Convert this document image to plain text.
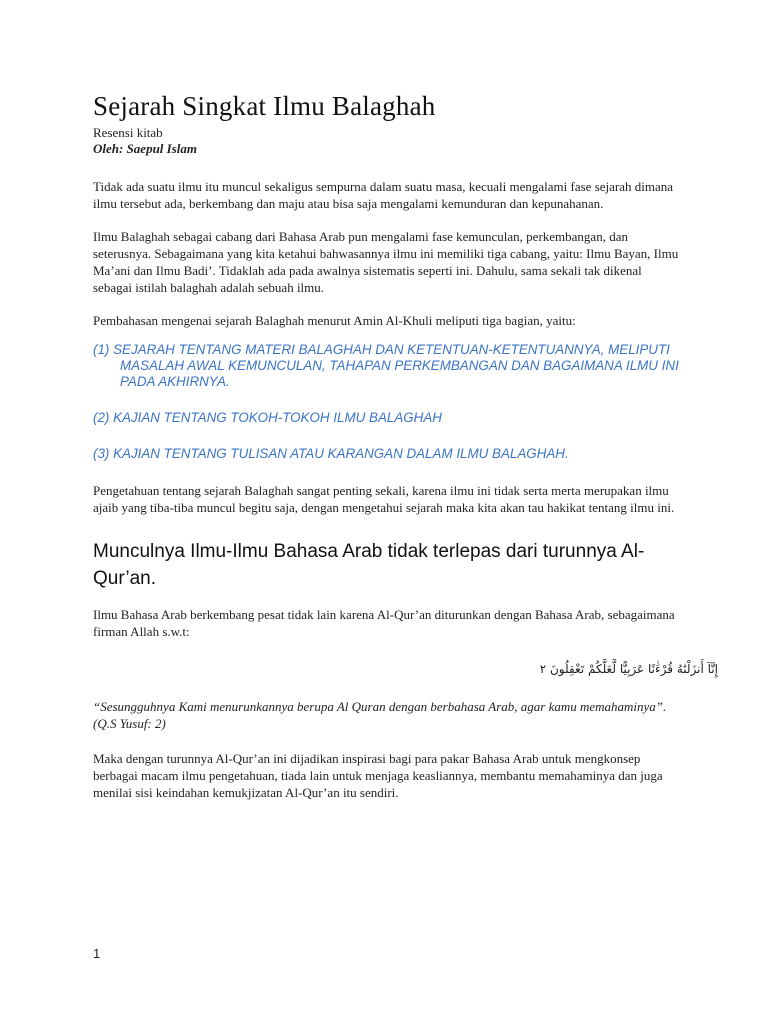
Sejarah Singkat Ilmu Balaghah
Resensi kitab
Oleh: Saepul Islam

Tidak ada suatu ilmu itu muncul sekaligus sempurna dalam suatu masa, kecuali mengalami fase sejarah dimana ilmu tersebut ada, berkembang dan maju atau bisa saja mengalami kemunduran dan kepunahanan.

Ilmu Balaghah sebagai cabang dari Bahasa Arab pun mengalami fase kemunculan, perkembangan, dan seterusnya. Sebagaimana yang kita ketahui bahwasannya ilmu ini memiliki tiga cabang, yaitu: Ilmu Bayan, Ilmu Ma’ani dan Ilmu Badi’. Tidaklah ada pada awalnya sistematis seperti ini. Dahulu, sama sekali tak dikenal sebagai istilah balaghah adalah sebuah ilmu.

Pembahasan mengenai sejarah Balaghah menurut Amin Al-Khuli meliputi tiga bagian, yaitu:

(1) SEJARAH TENTANG MATERI BALAGHAH DAN KETENTUAN-KETENTUANNYA, MELIPUTI MASALAH AWAL KEMUNCULAN, TAHAPAN PERKEMBANGAN DAN BAGAIMANA ILMU INI PADA AKHIRNYA.
(2) KAJIAN TENTANG TOKOH-TOKOH ILMU BALAGHAH
(3) KAJIAN TENTANG TULISAN ATAU KARANGAN DALAM ILMU BALAGHAH.

Pengetahuan tentang sejarah Balaghah sangat penting sekali, karena ilmu ini tidak serta merta merupakan ilmu ajaib yang tiba-tiba muncul begitu saja, dengan mengetahui sejarah maka kita akan tau hakikat tentang ilmu ini.

Munculnya Ilmu-Ilmu Bahasa Arab tidak terlepas dari turunnya Al-Qur’an.

Ilmu Bahasa Arab berkembang pesat tidak lain karena Al-Qur’an diturunkan dengan Bahasa Arab, sebagaimana firman Allah s.w.t:

إِنَّآ أَنزَلْنَٰهُ قُرْءَٰنًا عَرَبِيًّا لَّعَلَّكُمْ تَعْقِلُونَ ٢

“Sesungguhnya Kami menurunkannya berupa Al Quran dengan berbahasa Arab, agar kamu memahaminya”. (Q.S Yusuf: 2)

Maka dengan turunnya Al-Qur’an ini dijadikan inspirasi bagi para pakar Bahasa Arab untuk mengkonsep berbagai macam ilmu pengetahuan, tiada lain untuk menjaga keasliannya, membantu memahaminya dan juga menilai sisi keindahan kemukjizatan Al-Qur’an itu sendiri.

1
